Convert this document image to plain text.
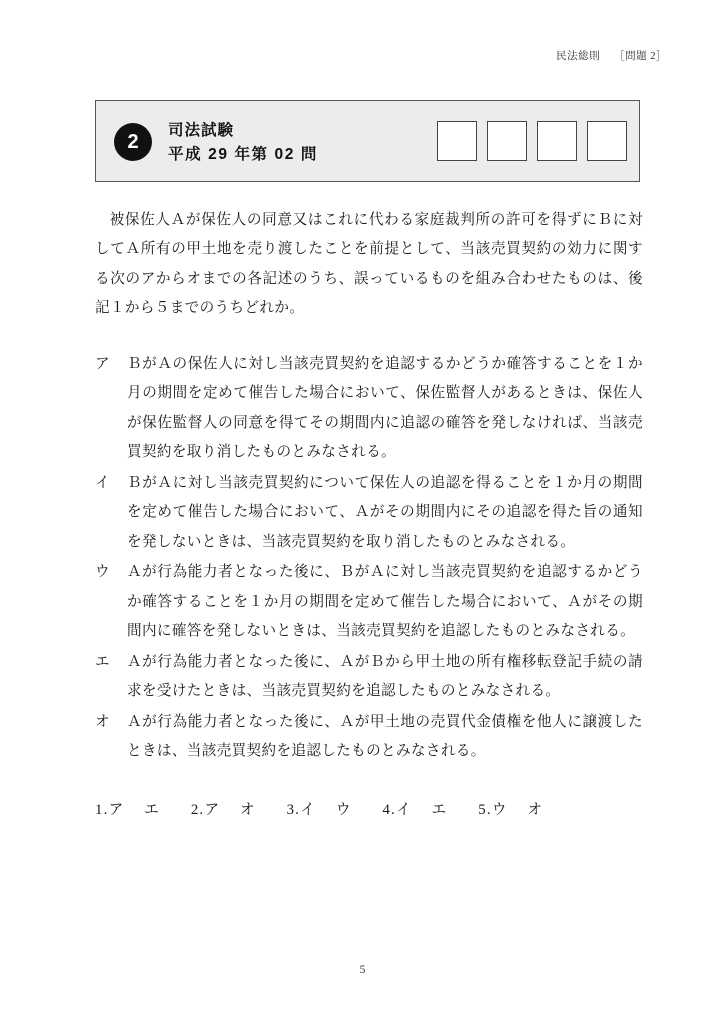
民法総則 ［問題 2］
2	司法試験
平成 29 年第 02 問

被保佐人Ａが保佐人の同意又はこれに代わる家庭裁判所の許可を得ずにＢに対してＡ所有の甲土地を売り渡したことを前提として、当該売買契約の効力に関する次のアからオまでの各記述のうち、誤っているものを組み合わせたものは、後記１から５までのうちどれか。

ア	ＢがＡの保佐人に対し当該売買契約を追認するかどうか確答することを１か月の期間を定めて催告した場合において、保佐監督人があるときは、保佐人が保佐監督人の同意を得てその期間内に追認の確答を発しなければ、当該売買契約を取り消したものとみなされる。
イ	ＢがＡに対し当該売買契約について保佐人の追認を得ることを１か月の期間を定めて催告した場合において、Ａがその期間内にその追認を得た旨の通知を発しないときは、当該売買契約を取り消したものとみなされる。
ウ	Ａが行為能力者となった後に、ＢがＡに対し当該売買契約を追認するかどうか確答することを１か月の期間を定めて催告した場合において、Ａがその期間内に確答を発しないときは、当該売買契約を追認したものとみなされる。
エ	Ａが行為能力者となった後に、ＡがＢから甲土地の所有権移転登記手続の請求を受けたときは、当該売買契約を追認したものとみなされる。
オ	Ａが行為能力者となった後に、Ａが甲土地の売買代金債権を他人に譲渡したときは、当該売買契約を追認したものとみなされる。
1.ア　エ 2.ア　オ 3.イ　ウ 4.イ　エ 5.ウ　オ
5
